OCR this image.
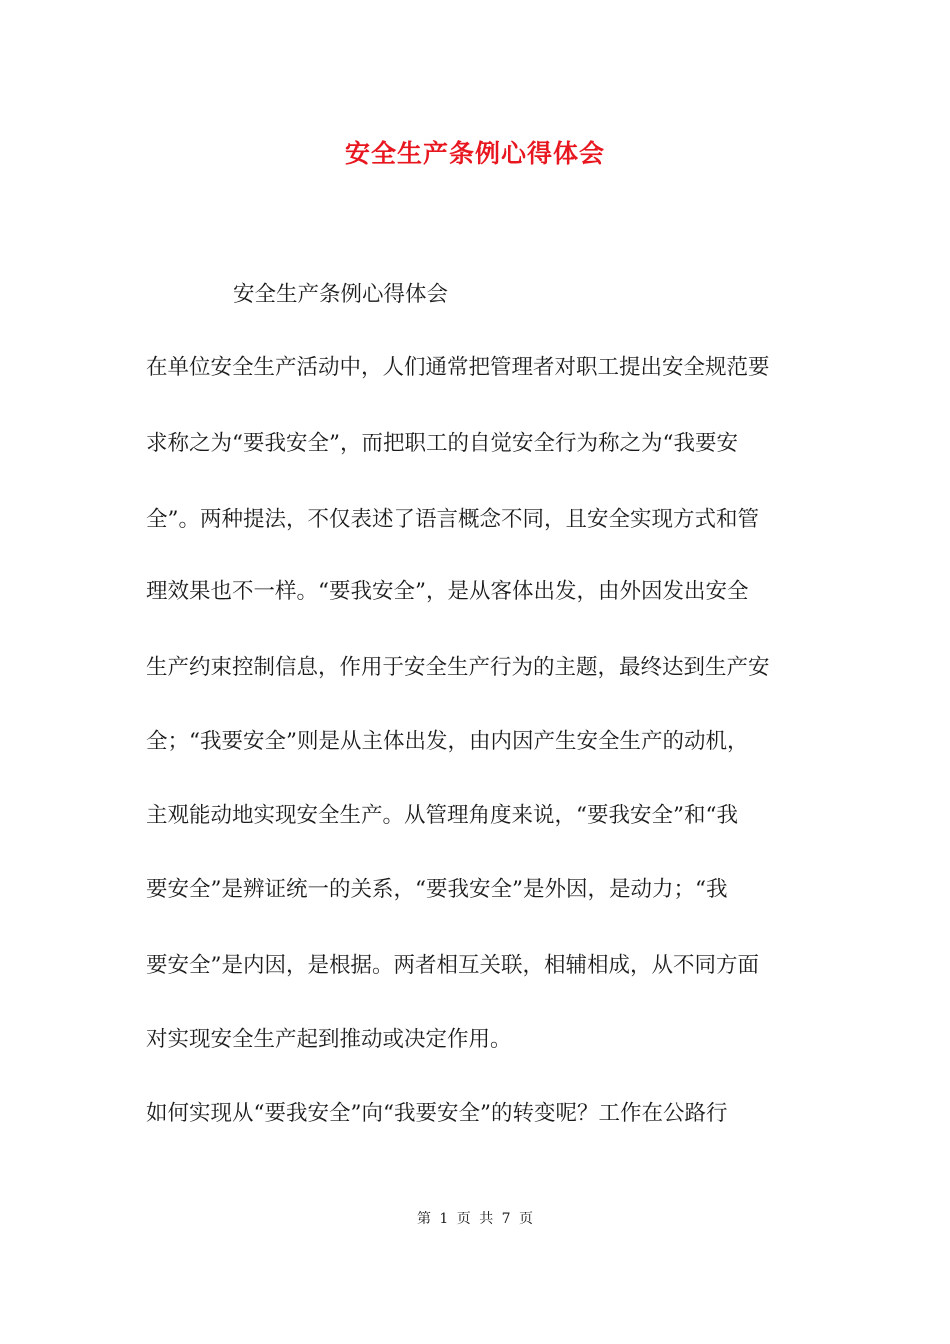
安全生产条例心得体会
安全生产条例心得体会
在单位安全生产活动中，人们通常把管理者对职工提出安全规范要
求称之为“要我安全”，而把职工的自觉安全行为称之为“我要安
全”。两种提法，不仅表述了语言概念不同，且安全实现方式和管
理效果也不一样。“要我安全”，是从客体出发，由外因发出安全
生产约束控制信息，作用于安全生产行为的主题，最终达到生产安
全；“我要安全”则是从主体出发，由内因产生安全生产的动机，
主观能动地实现安全生产。从管理角度来说，“要我安全”和“我
要安全”是辨证统一的关系，“要我安全”是外因，是动力；“我
要安全”是内因，是根据。两者相互关联，相辅相成，从不同方面
对实现安全生产起到推动或决定作用。
如何实现从“要我安全”向“我要安全”的转变呢？工作在公路行
第 1 页 共 7 页
